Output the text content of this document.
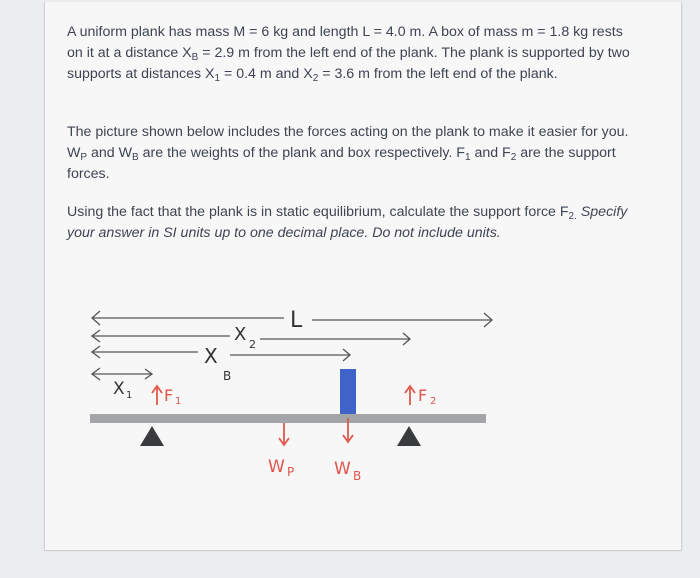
A uniform plank has mass M = 6 kg and length L = 4.0 m. A box of mass m = 1.8 kg rests on it at a distance $X_B = 2.9$ m from the left end of the plank. The plank is supported by two supports at distances $X_1 = 0.4$ m and $X_2 = 3.6$ m from the left end of the plank.
The picture shown below includes the forces acting on the plank to make it easier for you. $W_P$ and $W_B$ are the weights of the plank and box respectively. $F_1$ and $F_2$ are the support forces.
Using the fact that the plank is in static equilibrium, calculate the support force $F_{2.}$ Specify your answer in SI units up to one decimal place. Do not include units.
L
X 2
X
B
X 1 F 1	F 2
W P W B
